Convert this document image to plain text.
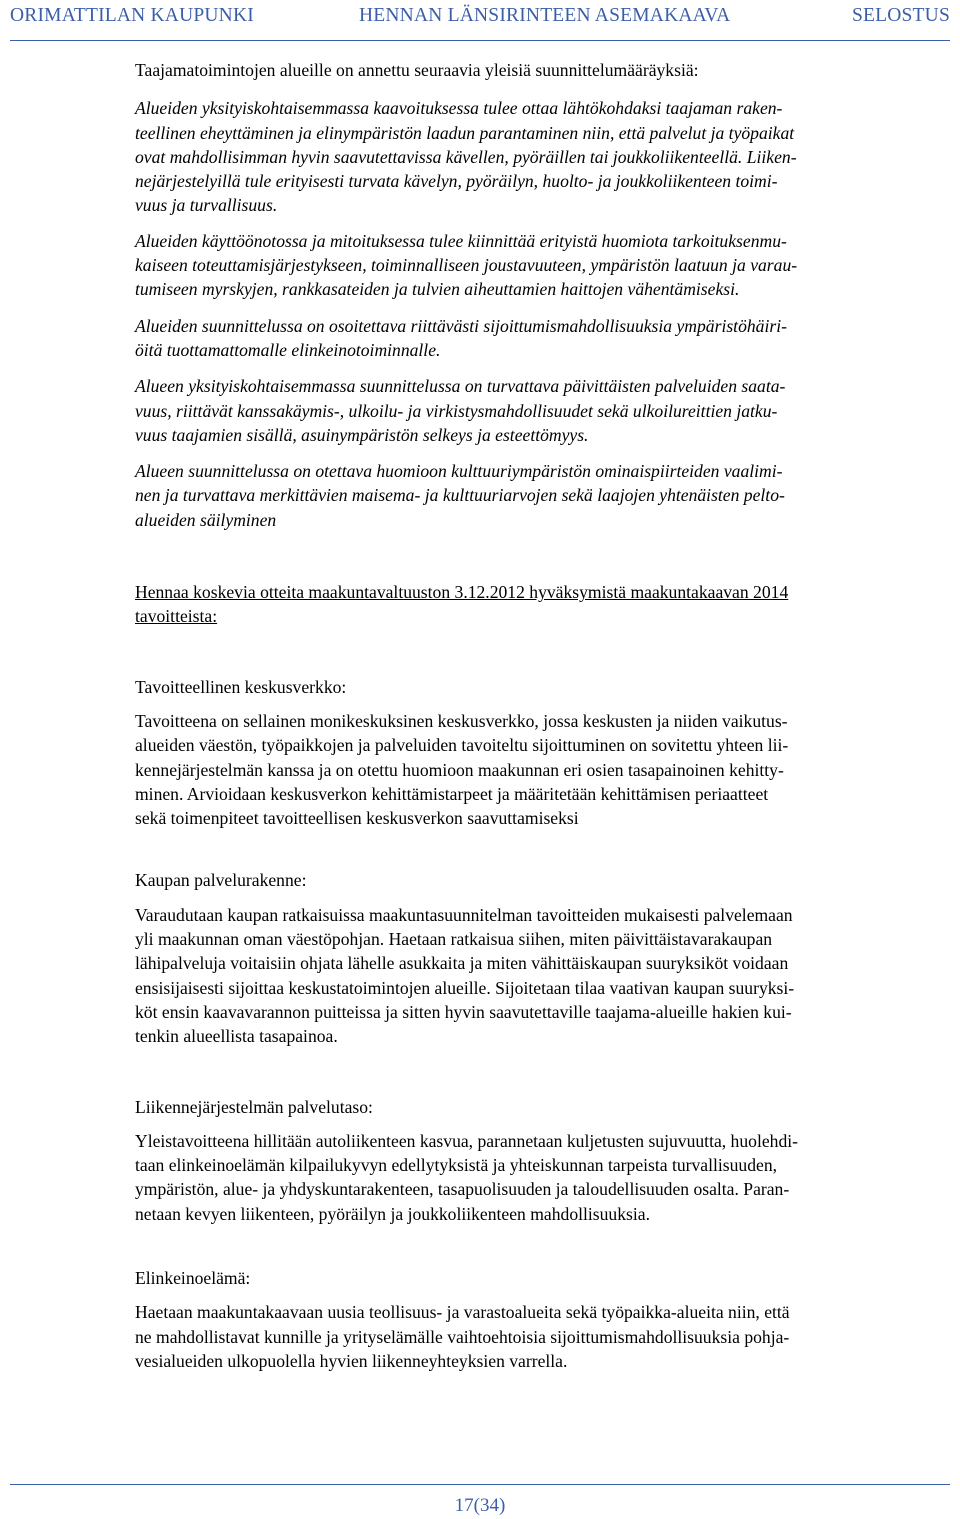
ORIMATTILAN KAUPUNKI	HENNAN LÄNSIRINTEEN ASEMAKAAVA	SELOSTUS

Taajamatoimintojen alueille on annettu seuraavia yleisiä suunnittelumääräyksiä:

Alueiden yksityiskohtaisemmassa kaavoituksessa tulee ottaa lähtökohdaksi taajaman raken-
teellinen eheyttäminen ja elinympäristön laadun parantaminen niin, että palvelut ja työpaikat
ovat mahdollisimman hyvin saavutettavissa kävellen, pyöräillen tai joukkoliikenteellä. Liiken-
nejärjestelyillä tule erityisesti turvata kävelyn, pyöräilyn, huolto- ja joukkoliikenteen toimi-
vuus ja turvallisuus.

Alueiden käyttöönotossa ja mitoituksessa tulee kiinnittää erityistä huomiota tarkoituksenmu-
kaiseen toteuttamisjärjestykseen, toiminnalliseen joustavuuteen, ympäristön laatuun ja varau-
tumiseen myrskyjen, rankkasateiden ja tulvien aiheuttamien haittojen vähentämiseksi.

Alueiden suunnittelussa on osoitettava riittävästi sijoittumismahdollisuuksia ympäristöhäiri-
öitä tuottamattomalle elinkeinotoiminnalle.

Alueen yksityiskohtaisemmassa suunnittelussa on turvattava päivittäisten palveluiden saata-
vuus, riittävät kanssakäymis-, ulkoilu- ja virkistysmahdollisuudet sekä ulkoilureittien jatku-
vuus taajamien sisällä, asuinympäristön selkeys ja esteettömyys.

Alueen suunnittelussa on otettava huomioon kulttuuriympäristön ominaispiirteiden vaalimi-
nen ja turvattava merkittävien maisema- ja kulttuuriarvojen sekä laajojen yhtenäisten pelto-
alueiden säilyminen

Hennaa koskevia otteita maakuntavaltuuston 3.12.2012 hyväksymistä maakuntakaavan 2014
tavoitteista:

Tavoitteellinen keskusverkko:

Tavoitteena on sellainen monikeskuksinen keskusverkko, jossa keskusten ja niiden vaikutus-
alueiden väestön, työpaikkojen ja palveluiden tavoiteltu sijoittuminen on sovitettu yhteen lii-
kennejärjestelmän kanssa ja on otettu huomioon maakunnan eri osien tasapainoinen kehitty-
minen. Arvioidaan keskusverkon kehittämistarpeet ja määritetään kehittämisen periaatteet
sekä toimenpiteet tavoitteellisen keskusverkon saavuttamiseksi

Kaupan palvelurakenne:

Varaudutaan kaupan ratkaisuissa maakuntasuunnitelman tavoitteiden mukaisesti palvelemaan
yli maakunnan oman väestöpohjan. Haetaan ratkaisua siihen, miten päivittäistavarakaupan
lähipalveluja voitaisiin ohjata lähelle asukkaita ja miten vähittäiskaupan suuryksiköt voidaan
ensisijaisesti sijoittaa keskustatoimintojen alueille. Sijoitetaan tilaa vaativan kaupan suuryksi-
köt ensin kaavavarannon puitteissa ja sitten hyvin saavutettaville taajama-alueille hakien kui-
tenkin alueellista tasapainoa.

Liikennejärjestelmän palvelutaso:

Yleistavoitteena hillitään autoliikenteen kasvua, parannetaan kuljetusten sujuvuutta, huolehdi-
taan elinkeinoelämän kilpailukyvyn edellytyksistä ja yhteiskunnan tarpeista turvallisuuden,
ympäristön, alue- ja yhdyskuntarakenteen, tasapuolisuuden ja taloudellisuuden osalta. Paran-
netaan kevyen liikenteen, pyöräilyn ja joukkoliikenteen mahdollisuuksia.

Elinkeinoelämä:

Haetaan maakuntakaavaan uusia teollisuus- ja varastoalueita sekä työpaikka-alueita niin, että
ne mahdollistavat kunnille ja yrityselämälle vaihtoehtoisia sijoittumismahdollisuuksia pohja-
vesialueiden ulkopuolella hyvien liikenneyhteyksien varrella.

17(34)
